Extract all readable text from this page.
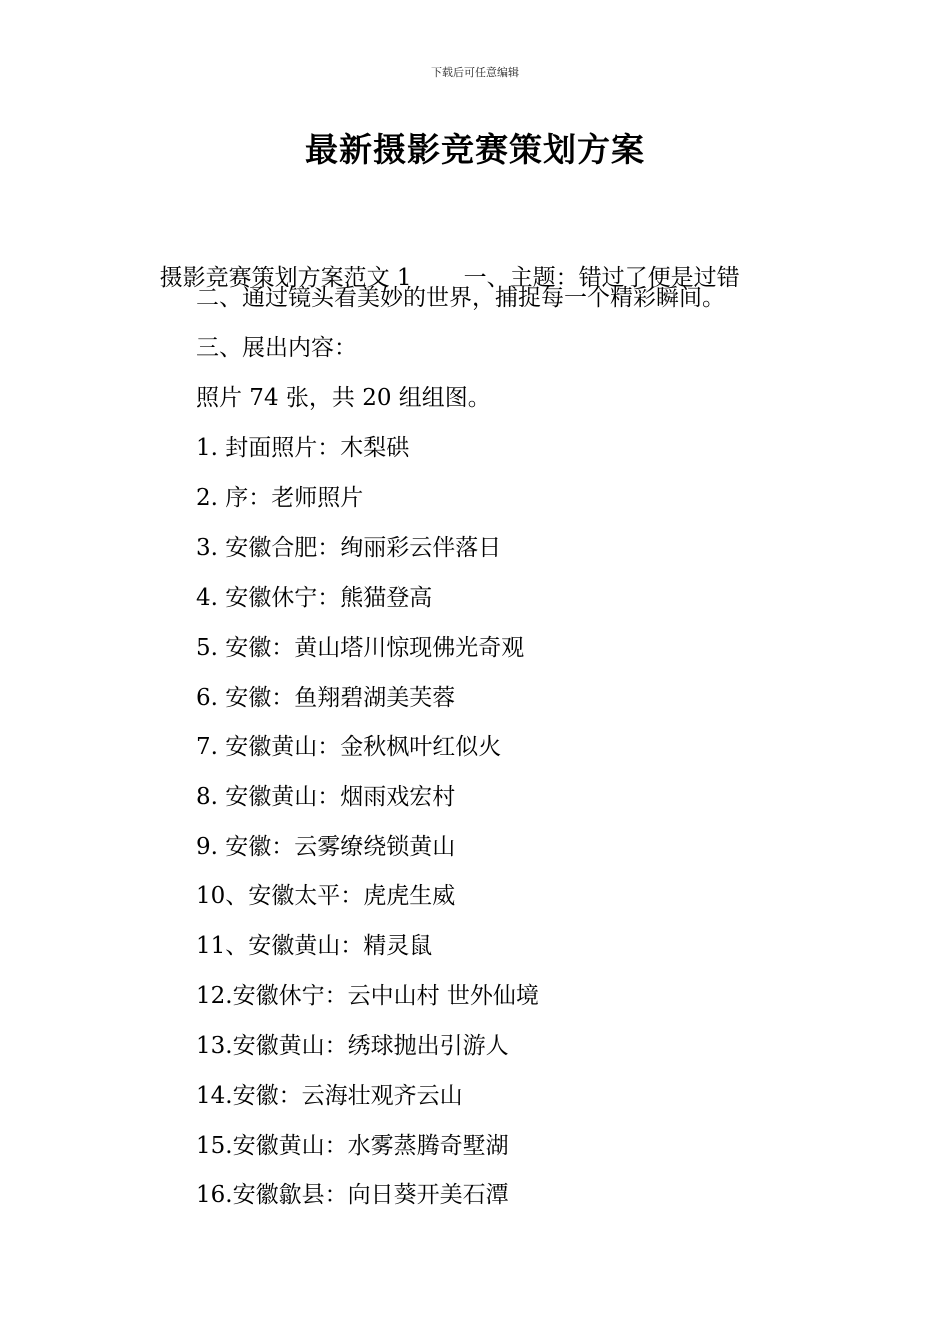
下载后可任意编辑
最新摄影竞赛策划方案

摄影竞赛策划方案范文 1 一、主题：错过了便是过错

二、通过镜头看美妙的世界，捕捉每一个精彩瞬间。
三、展出内容：
照片 74 张，共 20 组组图。
1. 封面照片：木梨硔
2. 序：老师照片
3. 安徽合肥：绚丽彩云伴落日
4. 安徽休宁：熊猫登高
5. 安徽：黄山塔川惊现佛光奇观
6. 安徽：鱼翔碧湖美芙蓉
7. 安徽黄山：金秋枫叶红似火
8. 安徽黄山：烟雨戏宏村
9. 安徽：云雾缭绕锁黄山
10、安徽太平：虎虎生威
11、安徽黄山：精灵鼠
12.安徽休宁：云中山村 世外仙境
13.安徽黄山：绣球抛出引游人
14.安徽：云海壮观齐云山
15.安徽黄山：水雾蒸腾奇墅湖
16.安徽歙县：向日葵开美石潭
